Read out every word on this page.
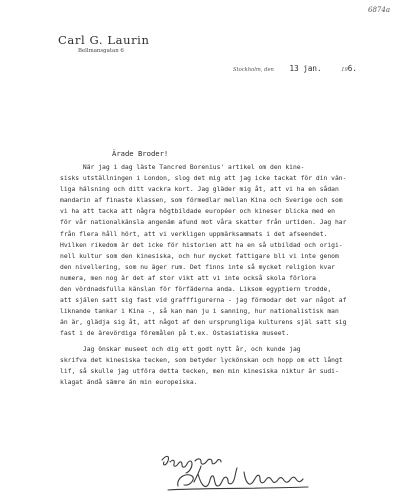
6874a
Carl G. Laurin
Bellmansgatan 6
Stockholm, den 13 jan.	196.
Ärade Broder!
När jag i dag läste Tancred Borenius' artikel om den kine-
sisks utställningen i London, slog det mig att jag icke tackat för din vän-
liga hälsning och ditt vackra kort. Jag gläder mig åt, att vi ha en sådan
mandarin af finaste klassen, som förmedlar mellan Kina och Sverige och som
vi ha att tacka att några högtbildade européer och kineser blicka med en
för vår nationalkänsla angenäm afund mot våra skatter från urtiden. Jag har
från flera håll hört, att vi verkligen uppmärksammats i det afseendet.
Hvilken rikedom är det icke för historien att ha en så utbildad och origi-
nell kultur som den kinesiska, och hur mycket fattigare bli vi inte genom
den nivellering, som nu äger rum. Det finns inte så mycket religion kvar
numera, men nog är det af stor vikt att vi inte också skola förlora
den vördnadsfulla känslan för förfäderna anda. Liksom egyptiern trodde,
att själen satt sig fast vid grafffigurerna - jag förmodar det var något af
liknande tankar i Kina -, så kan man ju i sanning, hur nationalistisk man
än är, glädja sig åt, att något af den ursprungliga kulturens själ satt sig
fast i de ärevördiga föremålen på t.ex. Ostasiatiska museet.
Jag önskar museet och dig ett godt nytt år, och kunde jag
skrifva det kinesiska tecken, som betyder lyckönskan och hopp om ett långt
lif, så skulle jag utföra detta tecken, men min kinesiska niktur är sudi-
klagat ändå sämre än min europeiska.
